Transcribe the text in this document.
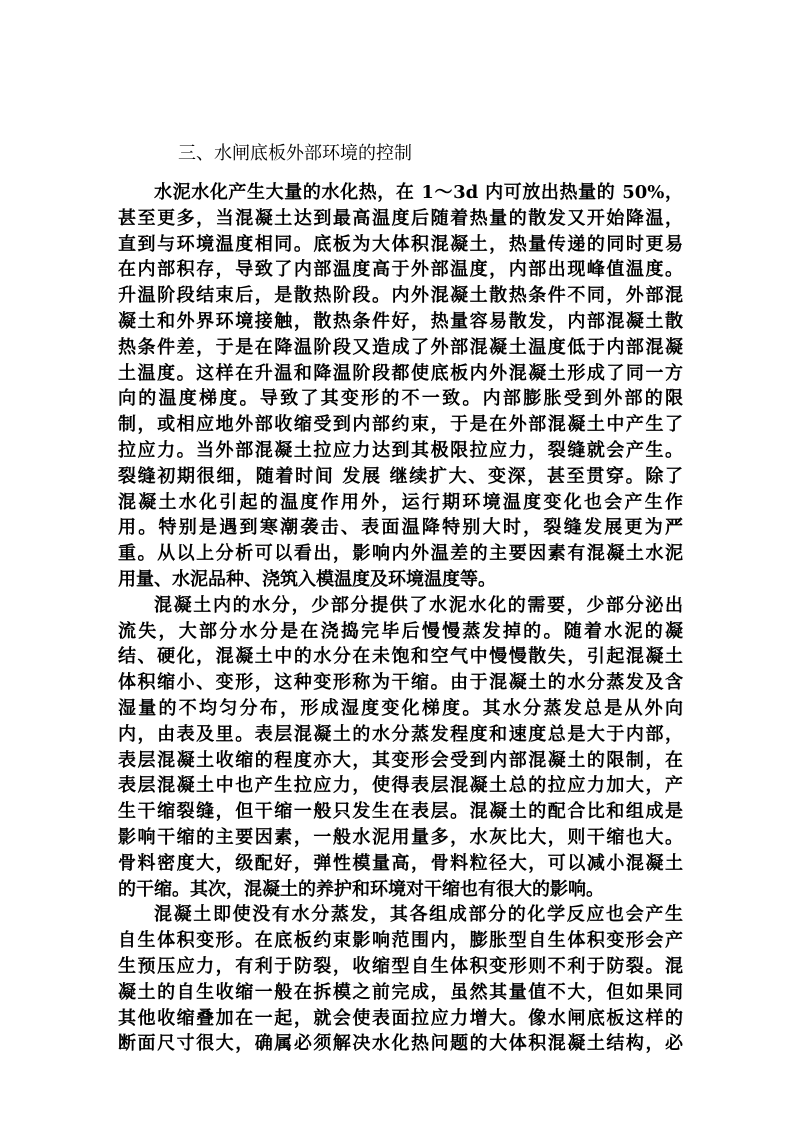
三、水闸底板外部环境的控制
水泥水化产生大量的水化热，在 1～3d 内可放出热量的 50%，
甚至更多，当混凝土达到最高温度后随着热量的散发又开始降温，
直到与环境温度相同。底板为大体积混凝土，热量传递的同时更易
在内部积存，导致了内部温度高于外部温度，内部出现峰值温度。
升温阶段结束后，是散热阶段。内外混凝土散热条件不同，外部混
凝土和外界环境接触，散热条件好，热量容易散发，内部混凝土散
热条件差，于是在降温阶段又造成了外部混凝土温度低于内部混凝
土温度。这样在升温和降温阶段都使底板内外混凝土形成了同一方
向的温度梯度。导致了其变形的不一致。内部膨胀受到外部的限
制，或相应地外部收缩受到内部约束，于是在外部混凝土中产生了
拉应力。当外部混凝土拉应力达到其极限拉应力，裂缝就会产生。
裂缝初期很细，随着时间 发展 继续扩大、变深，甚至贯穿。除了
混凝土水化引起的温度作用外，运行期环境温度变化也会产生作
用。特别是遇到寒潮袭击、表面温降特别大时，裂缝发展更为严
重。从以上分析可以看出，影响内外温差的主要因素有混凝土水泥
用量、水泥品种、浇筑入模温度及环境温度等。
混凝土内的水分，少部分提供了水泥水化的需要，少部分泌出
流失，大部分水分是在浇捣完毕后慢慢蒸发掉的。随着水泥的凝
结、硬化，混凝土中的水分在未饱和空气中慢慢散失，引起混凝土
体积缩小、变形，这种变形称为干缩。由于混凝土的水分蒸发及含
湿量的不均匀分布，形成湿度变化梯度。其水分蒸发总是从外向
内，由表及里。表层混凝土的水分蒸发程度和速度总是大于内部，
表层混凝土收缩的程度亦大，其变形会受到内部混凝土的限制，在
表层混凝土中也产生拉应力，使得表层混凝土总的拉应力加大，产
生干缩裂缝，但干缩一般只发生在表层。混凝土的配合比和组成是
影响干缩的主要因素，一般水泥用量多，水灰比大，则干缩也大。
骨料密度大，级配好，弹性模量高，骨料粒径大，可以减小混凝土
的干缩。其次，混凝土的养护和环境对干缩也有很大的影响。
混凝土即使没有水分蒸发，其各组成部分的化学反应也会产生
自生体积变形。在底板约束影响范围内，膨胀型自生体积变形会产
生预压应力，有利于防裂，收缩型自生体积变形则不利于防裂。混
凝土的自生收缩一般在拆模之前完成，虽然其量值不大，但如果同
其他收缩叠加在一起，就会使表面拉应力增大。像水闸底板这样的
断面尺寸很大，确属必须解决水化热问题的大体积混凝土结构，必
